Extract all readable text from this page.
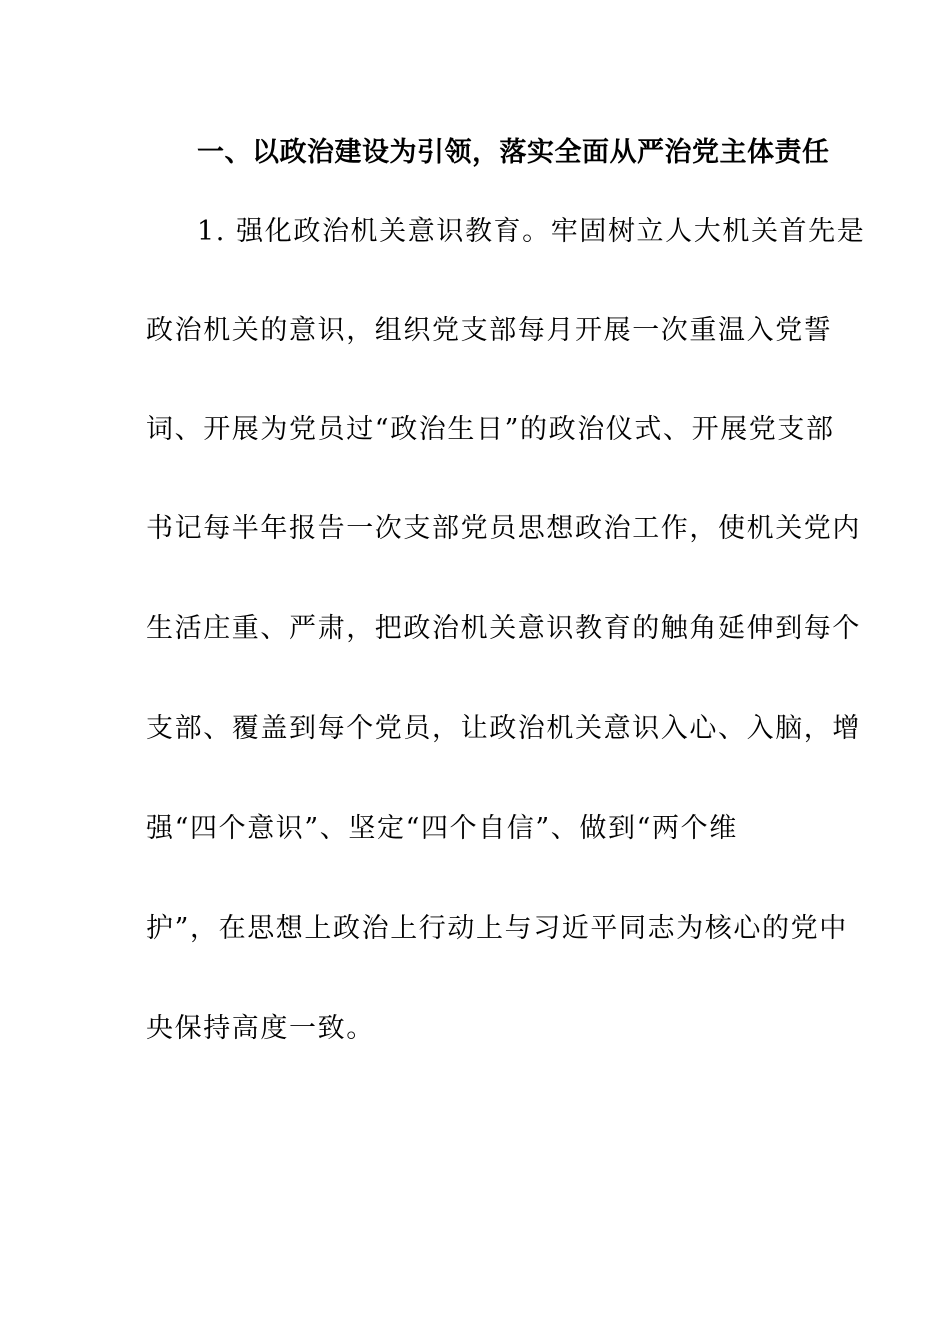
一、以政治建设为引领，落实全面从严治党主体责任
1. 强化政治机关意识教育。牢固树立人大机关首先是
政治机关的意识，组织党支部每月开展一次重温入党誓
词、开展为党员过“政治生日”的政治仪式、开展党支部
书记每半年报告一次支部党员思想政治工作，使机关党内
生活庄重、严肃，把政治机关意识教育的触角延伸到每个
支部、覆盖到每个党员，让政治机关意识入心、入脑，增
强“四个意识”、坚定“四个自信”、做到“两个维
护”，在思想上政治上行动上与习近平同志为核心的党中
央保持高度一致。
